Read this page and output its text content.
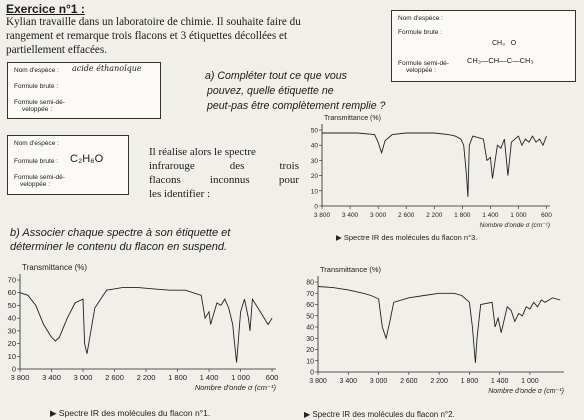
Exercice n°1 :
Kylian travaille dans un laboratoire de chimie. Il souhaite faire du
rangement et remarque trois flacons et 3 étiquettes décollées et
partiellement effacées.
Nom d'espèce : acide éthanoïque
Formule brute :
Formule semi-dé-
veloppée :
Nom d'espèce :
Formule brute : C₂H₆O
Formule semi-dé-
veloppée :
Nom d'espèce :
Formule brute :
Formule semi-dé-
veloppée :
CH₃   O
CH₃—CH—C—CH₃
a) Compléter tout ce que vous
pouvez, quelle étiquette ne
peut-pas être complètement remplie ?
Il réalise alors le spectre
infrarouge des trois
flacons inconnus pour
les identifier :
b) Associer chaque spectre à son étiquette et
déterminer le contenu du flacon en suspend.
0
10
20
30
40
50
3 800 3 400 3 000 2 600 2 200 1 800 1 400 1 000 600
Transmittance (%)
Nombre d'onde σ (cm⁻¹)
▶ Spectre IR des molécules du flacon n°3.
0
10
20
30
40
50
60
70
3 800 3 400 3 000 2 600 2 200 1 800 1 400 1 000 600
Transmittance (%)
Nombre d'onde σ (cm⁻¹)
▶ Spectre IR des molécules du flacon n°1.
0
10
20
30
40
50
60
70
80
3 800 3 400 3 000 2 600 2 200 1 800 1 400 1 000
Transmittance (%)
Nombre d'onde σ (cm⁻¹)
▶ Spectre IR des molécules du flacon n°2.
